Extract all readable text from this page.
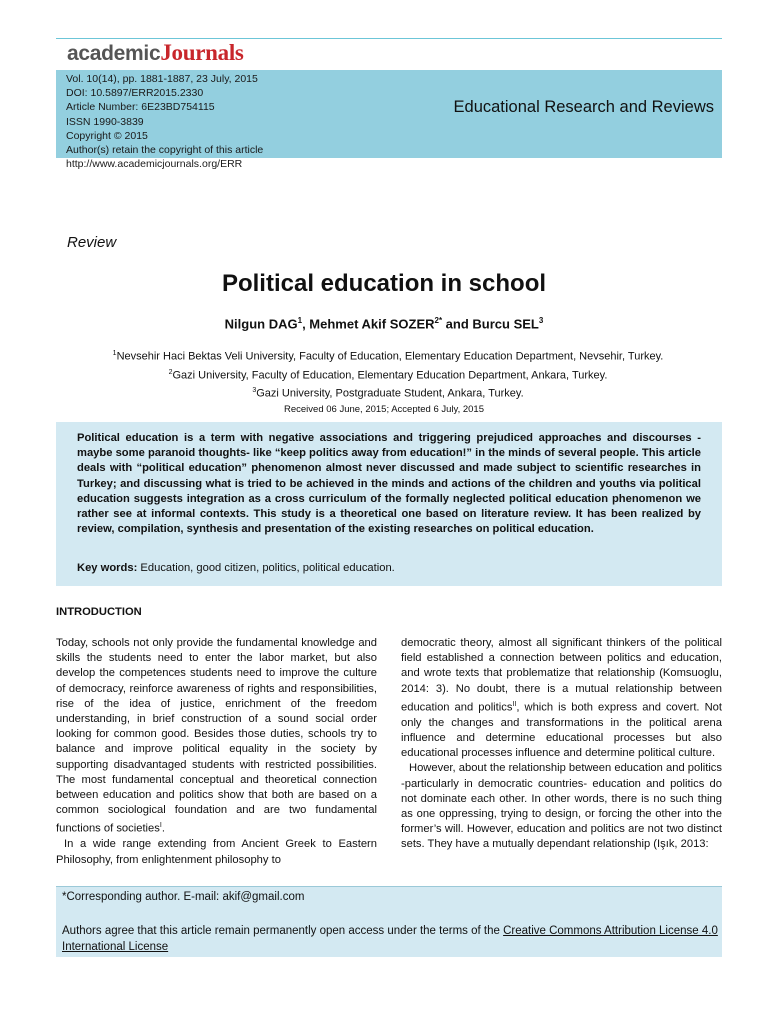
academicJournals
Vol. 10(14), pp. 1881-1887, 23 July, 2015
DOI: 10.5897/ERR2015.2330
Article Number: 6E23BD754115
ISSN 1990-3839
Copyright © 2015
Author(s) retain the copyright of this article
http://www.academicjournals.org/ERR
Educational Research and Reviews
Review
Political education in school
Nilgun DAG$^1$, Mehmet Akif $SOZER^{2*}$ and Burcu SEL$^3$
$^1$Nevsehir Haci Bektas Veli University, Faculty of Education, Elementary Education Department, Nevsehir, Turkey.
$^2$Gazi University, Faculty of Education, Elementary Education Department, Ankara, Turkey.
$^3$Gazi University, Postgraduate Student, Ankara, Turkey.
Received 06 June, 2015; Accepted 6 July, 2015

Political education is a term with negative associations and triggering prejudiced approaches and discourses -maybe some paranoid thoughts- like “keep politics away from education!” in the minds of several people. This article deals with “political education” phenomenon almost never discussed and made subject to scientific researches in Turkey; and discussing what is tried to be achieved in the minds and actions of the children and youths via political education suggests integration as a cross curriculum of the formally neglected political education phenomenon we rather see at informal contexts. This study is a theoretical one based on literature review. It has been realized by review, compilation, synthesis and presentation of the existing researches on political education.

Key words: Education, good citizen, politics, political education.
INTRODUCTION

Today, schools not only provide the fundamental knowledge and skills the students need to enter the labor market, but also develop the competences students need to improve the culture of democracy, reinforce awareness of rights and responsibilities, rise of the idea of justice, enrichment of the freedom understanding, in brief construction of a sound social order looking for common good. Besides those duties, schools try to balance and improve political equality in the society by supporting disadvantaged students with restricted possibilities. The most fundamental conceptual and theoretical connection between education and politics show that both are based on a common sociological foundation and are two fundamental functions of societies$^I$.

In a wide range extending from Ancient Greek to Eastern Philosophy, from enlightenment philosophy to

democratic theory, almost all significant thinkers of the political field established a connection between politics and education, and wrote texts that problematize that relationship (Komsuoglu, 2014: 3). No doubt, there is a mutual relationship between education and politics$^{II}$, which is both express and covert. Not only the changes and transformations in the political arena influence and determine educational processes but also educational processes influence and determine political culture.

However, about the relationship between education and politics -particularly in democratic countries- education and politics do not dominate each other. In other words, there is no such thing as one oppressing, trying to design, or forcing the other into the former’s will. However, education and politics are not two distinct sets. They have a mutually dependant relationship (Işık, 2013:

*Corresponding author. E-mail: akif@gmail.com
Authors agree that this article remain permanently open access under the terms of the Creative Commons Attribution License 4.0 International License
